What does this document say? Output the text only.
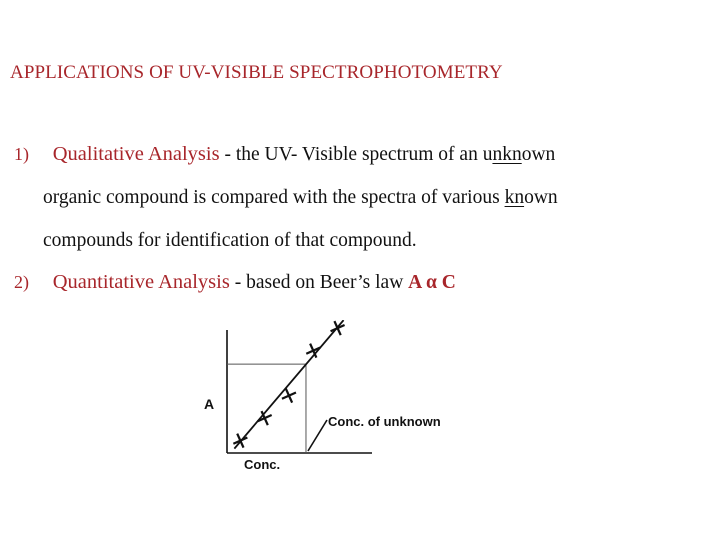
APPLICATIONS OF UV-VISIBLE SPECTROPHOTOMETRY
1) Qualitative Analysis - the UV- Visible spectrum of an unknown
organic compound is compared with the spectra of various known
compounds for identification of that compound.
2) Quantitative Analysis - based on Beer’s law A α C
A
Conc.
Conc. of unknown
